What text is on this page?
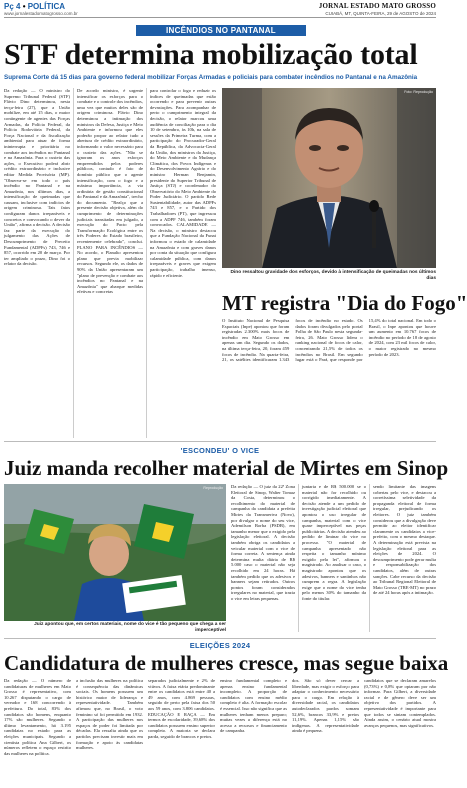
Pç 4 • POLÍTICA
www.jornalestadomatogrosso.com.br
JORNAL ESTADO MATO GROSSO
CUIABÁ, MT, QUINTA-FEIRA, 29 de AGOSTO de 2024
INCÊNDIOS NO PANTANAL
STF determina mobilização total
Suprema Corte dá 15 dias para governo federal mobilizar Forças Armadas e policiais para combater incêndios no Pantanal e na Amazônia
Da redação — O ministro do Supremo Tribunal Federal (STF) Flávio Dino determinou, nesta terça-feira (27), que a União mobilize, em até 15 dias, o maior contingente de agentes das Forças Armadas, da Polícia Federal, da Polícia Rodoviária Federal, da Força Nacional e da fiscalização ambiental para atuar de forma ininterrupta e prioritária no combate aos incêndios no Pantanal e na Amazônia. Para o custeio das ações, o Executivo poderá abrir crédito extraordinário e inclusive editar Medida Provisória (MP). "Observa-se em todo o país incêndio no Pantanal e na Amazônia, nos últimos dias, a intensificação de queimadas que causam, inclusive com indícios de origem criminosa. Tais fatos configuram danos irreparáveis e concretos e convocando o dever da União", afirma a decisão. A decisão faz parte da execução do julgamento das Ações de Descumprimento de Preceito Fundamental (ADPFs) 743, 746 e 857, ocorrido em 20 de março. Por ter ampliado o prazo, Dino foi o relator da decisão.
De acordo ministro, é urgente intensificar os esforços para o combate e o controle dos incêndios, uma vez que muitos deles são de origem criminosa. Flávio Dino determinou a intimação dos ministros da Defesa, Justiça e Meio Ambiente e informou que eles poderão propor ao relator tudo a abertura de crédito extraordinário, informando o valor necessário para o custeio das ações. "Não se ignoram os anos esforços empreendidos pelos poderes públicos, contudo é fato de domínio público que o agente intensificação, com o fogo e a máxima importância, a via ordinária de gestão constitucional do Pantanal e da Amazônia", trecho do documento. "Realço que a presente decisão objetiva, além do cumprimento de determinações judiciais transitadas em julgado, a execução do Pacto pela Transformação Ecológica entre os três Poderes do Estado brasileiro, recentemente celebrado", conclui. PLANO PARA INCÊNDIOS — No acordo, o Planalto apresentou plano que previa mobilizar recursos. Segundo ele, os dados de 90% da União apresentaram um "plano de prevenção e combate aos incêndios no Pantanal e na Amazônia" que abarque medidas efetivas e concretas
para controlar o fogo e reduzir os índices de queimadas que estão ocorrendo e para prevenir outras devastações. Para acompanhar de perto o cumprimento integral da decisão, o relator marcou uma audiência de conciliação para o dia 10 de setembro, às 10h, na sala de sessões da Primeira Turma, com a participação do Procurador-Geral da República, da Advocacia-Geral da União, dos ministros da Justiça, do Meio Ambiente e da Mudança Climática, dos Povos Indígenas e do Desenvolvimento Agrário e do ministro Herman Benjamin, presidente do Superior Tribunal de Justiça (STJ) e coordenador do Observatório do Meio Ambiente do Poder Judiciário. O partido Rede Sustentabilidade, autor das ADPFs 743 e 857, e o Partido dos Trabalhadores (PT), que ingressou com a ADPF 746, também foram convocados. CALAMIDADE — Na decisão, o ministro destacou que a Fundação Nacional da Funai informou o estado de calamidade na Amazônia e com graves danos por conta da situação que configura calamidade pública, com danos irreparáveis e graves que exigem participação, trabalho imenso, rápido e eficiente.
Foto: Reprodução
Dino ressaltou gravidade dos esforços, devido à intensificação de queimadas nos últimos dias
MT registra "Dia do Fogo"
O Instituto Nacional de Pesquisa Espaciais (Inpe) apontou que foram registradas 2.300% mais focos de incêndio em Mato Grosso em apenas um dia. Segundo os dados, na última terça-feira, 20, foram 459 focos de incêndio. Na quarta-feira, 21, os satélites identificaram 1.343 focos de incêndio no estado. Os dados foram divulgados pelo portal Folha de São Paulo nesta segunda-feira, 26. Mato Grosso lidera o ranking nacional de focos de calor, concentrando 21,5% de todos os incêndios no Brasil. Em segundo lugar está o Pará, que responde por 15,4% do total nacional. Em todo o Brasil, o Inpe apontou que houve um aumento em 10.767 focos de incêndio no período de 18 de agosto de 2024, com 23 mil focos de calor, o maior registrado no mesmo período de 2023.
'ESCONDEU' O VICE
Juiz manda recolher material de Mirtes em Sinop
Reprodução
Juiz apontou que, em certos materiais, nome do vice é tão pequeno que chega a ser imperceptível
Da redação — O juiz da 22ª Zona Eleitoral de Sinop, Walter Tomaz da Costa, determinou o recolhimento do material de campanha da candidata a prefeita Mirtes da Transmeriva (Novo), por divulgar o nome do seu vice, Ademilson Borba (PSDB), em tamanho menor que o exigido pela legislação eleitoral. A decisão também obriga os candidatos a veicular material com o vice de forma correta. A sentença ainda determina multa diária de R$ 5.000 caso o material não seja recolhido em 24 horas. Há também pedido que os adesivos e banners sejam retirados. Outros pontos foram considerados irregulares no material, que trazia o vice em letras pequenas.
juntaria e de R$ 500.000 se o material não for recolhido ou corrigido imediatamente. A decisão atende a um pedido de investigação judicial eleitoral que apontou o uso irregular de campanha, material com o vice quase imperceptível nas peças publicitárias. A decisão atendeu ao pedido de liminar do vice no processo. "O material de campanha apresentado não respeita o tamanho mínimo exigido pela lei", afirmou o magistrado. Ao analisar o caso, o magistrado apontou que os adesivos, banners e santinhos não cumprem a regra. A legislação exige que o nome do vice tenha pelo menos 30% do tamanho da fonte do titular.
sendo limitante das imagens cobertas pelo vice, e destacou a corretíssima seletividade da propaganda eleitoral de forma irregular, prejudicando os eleitores. O juiz também considerou que a divulgação deve permitir ao eleitor identificar claramente os candidatos a vice-prefeito, com o mesmo destaque. A determinação está prevista na legislação eleitoral para as eleições de 2024. O descumprimento pode gerar multa e responsabilização dos candidatos, além de outras sanções. Cabe recurso da decisão ao Tribunal Regional Eleitoral de Mato Grosso (TRE-MT) no prazo de até 24 horas após a intimação.
ELEIÇÕES 2024
Candidatura de mulheres cresce, mas segue baixa
Da redação — O número de candidaturas de mulheres em Mato Grosso é representativo, com 10.267 disputando o cargo de vereador e 168 concorrendo à prefeitura. Do total, 83% dos candidatos são homens, enquanto 17% são mulheres. Segundo o último levantamento, há 3.195 candidatas no estado para as eleições municipais. Segundo a cientista política Ana Gilbert, os números refletem o espaço restrito das mulheres na política.
a inclusão das mulheres na política é consequência das dinâmicas sociais. Os homens possuem um histórico maior de liderança e representatividade. Também afirmou que, no Brasil, o voto feminino só foi permitido em 1932. A participação das mulheres nos espaços de poder foi limitada por décadas. Ela ressalta ainda que os partidos precisam investir mais em formação e apoio às candidatas mulheres.
separados judicialmente e 2% de viúvos. A faixa etária predominante entre os candidatos está entre 40 a 49 anos, com 4.869 pessoas, seguido de perto pela faixa dos 50 aos 59 anos, com 3.806 candidatos. EDUCAÇÃO E RAÇA — Em termos de escolaridade, 39,68% dos candidatos possuem ensino superior completo. A maioria se declara parda, seguido de brancos e pretos.
ensino fundamental completo e apenas ensino fundamental incompleto. A proporção de candidatos com ensino médio completo é alta. A formação escolar é essencial. Isso não significa que as mulheres tenham menos preparo; muitas vezes a diferença está no acesso a recursos e financiamento de campanha.
dos. São só dever cercar a liberdade, mas exigir o esforço para adaptar o conhecimento necessário para o cargo. Em relação à diversidade racial, os candidatos autodeclarados pardos somam 52,6%, brancos 33,9% e pretos 11,19%. Apenas 1,15% são indígenas. A representatividade ainda é pequena.
candidatos que se declaram amarelos (0,73%) e 0,8% que optaram por não informar. Para Gilbert, a diversidade racial e de gênero deve ser um objetivo dos partidos. A representatividade é importante para que todos se sintam contemplados. Ainda assim, o cenário atual mostra avanços pequenos, mas significativos.
